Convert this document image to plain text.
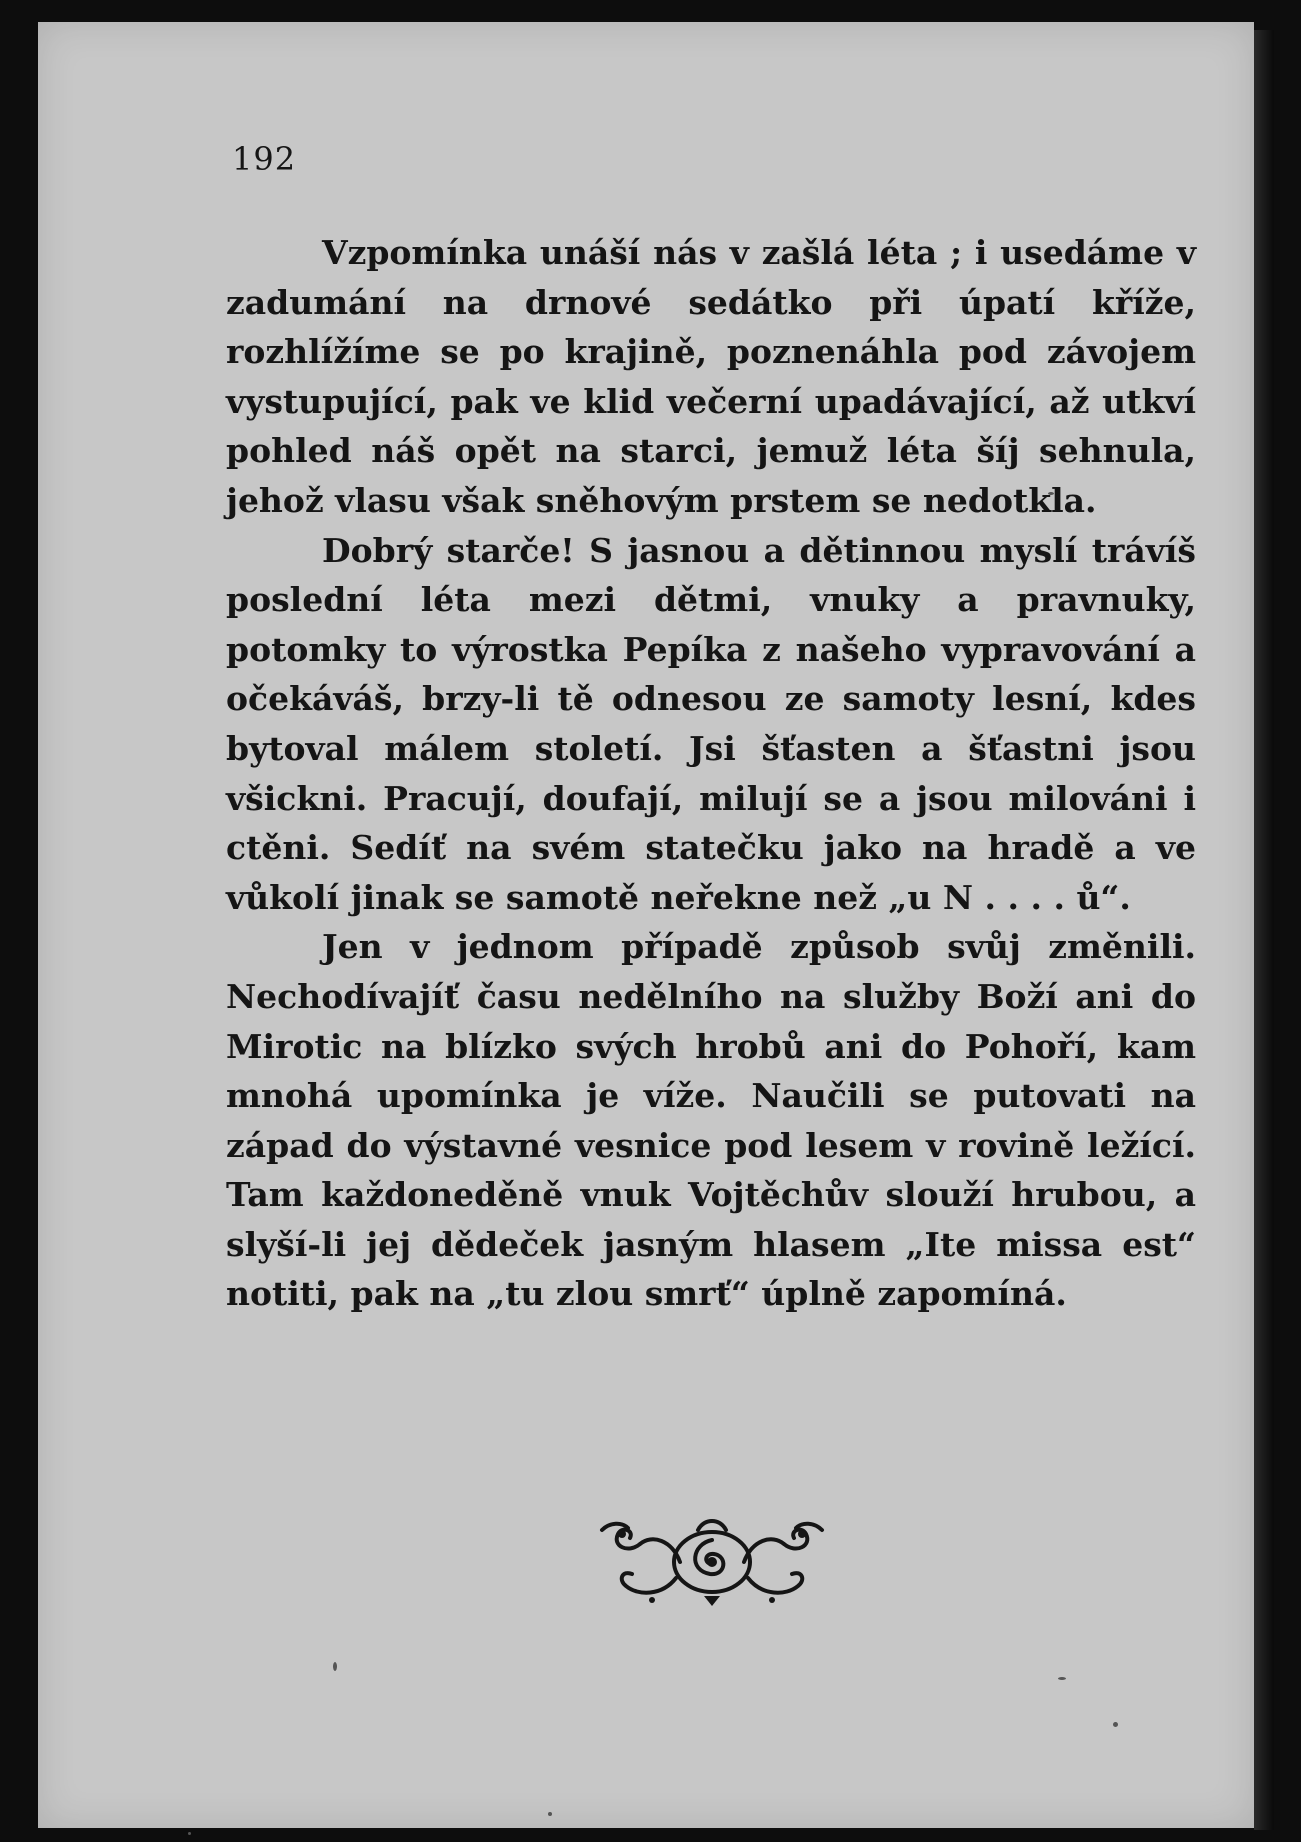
192

Vzpomínka unáší nás v zašlá léta ; i usedáme v zadumání na drnové sedátko při úpatí kříže, rozhlížíme se po krajině, poznenáhla pod závojem vystupující, pak ve klid večerní upadávající, až utkví pohled náš opět na starci, jemuž léta šíj sehnula, jehož vlasu však sněhovým prstem se nedotkla.

Dobrý starče! S jasnou a dětinnou myslí trávíš poslední léta mezi dětmi, vnuky a pravnuky, potomky to výrostka Pepíka z našeho vypravování a očekáváš, brzy-li tě odnesou ze samoty lesní, kdes bytoval málem století. Jsi šťasten a šťastni jsou všickni. Pracují, doufají, milují se a jsou milováni i ctěni. Sedíť na svém statečku jako na hradě a ve vůkolí jinak se samotě neřekne než „u N . . . . ů“.

Jen v jednom případě způsob svůj změnili. Nechodívajíť času nedělního na služby Boží ani do Mirotic na blízko svých hrobů ani do Pohoří, kam mnohá upomínka je víže. Naučili se putovati na západ do výstavné vesnice pod lesem v rovině ležící. Tam každoneděně vnuk Vojtěchův slouží hrubou, a slyší-li jej dědeček jasným hlasem „Ite missa est“ notiti, pak na „tu zlou smrť“ úplně zapomíná.
